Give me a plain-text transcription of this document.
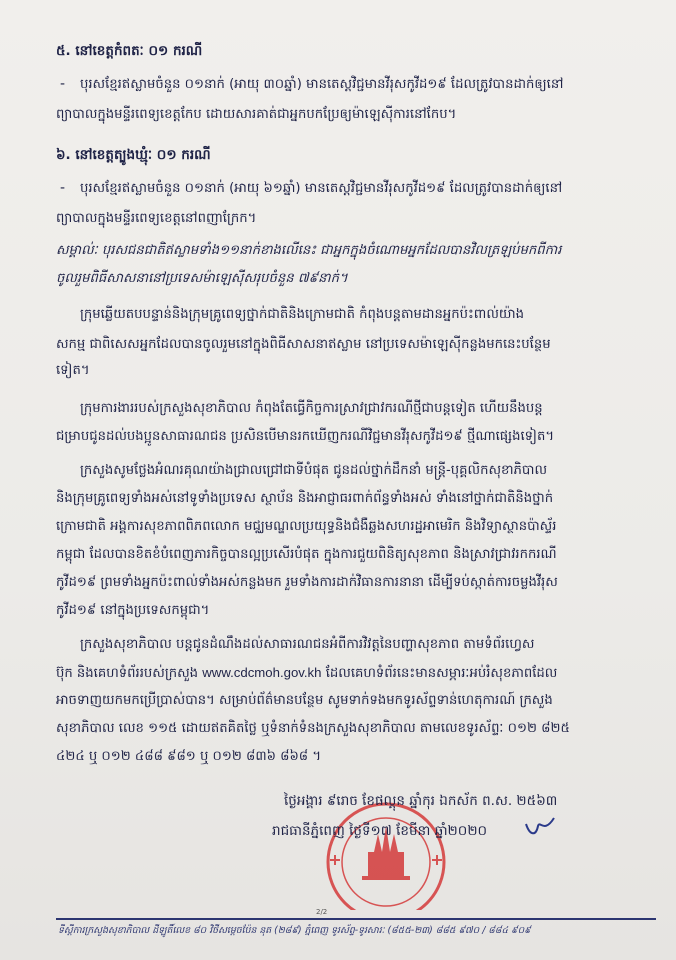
៥. នៅខេត្តកំពតៈ ០១ ករណី
- បុរសខ្មែរឥស្លាមចំនួន ០១នាក់ (អាយុ ៣០ឆ្នាំ) មានតេស្តវិជ្ជមានវីរុសកូវីដ១៩ ដែលត្រូវបានដាក់ឲ្យនៅ
ព្យាបាលក្នុងមន្ទីរពេទ្យខេត្តកែប ដោយសារគាត់ជាអ្នកបកប្រែឲ្យម៉ាឡេស៊ីការនៅកែប។
៦. នៅខេត្តត្បូងឃ្មុំៈ ០១ ករណី
- បុរសខ្មែរឥស្លាមចំនួន ០១នាក់ (អាយុ ៦១ឆ្នាំ) មានតេស្តវិជ្ជមានវីរុសកូវីដ១៩ ដែលត្រូវបានដាក់ឲ្យនៅ
ព្យាបាលក្នុងមន្ទីរពេទ្យខេត្តនៅពញាក្រែក។
សម្គាល់ៈ បុរសជនជាតិឥស្លាមទាំង១១នាក់ខាងលើនេះ ជាអ្នកក្នុងចំណោមអ្នកដែលបានវិលត្រឡប់មកពីការ
ចូលរួមពិធីសាសនានៅប្រទេសម៉ាឡេស៊ីសរុបចំនួន ៧៩នាក់។
ក្រុមឆ្លើយតបបន្ទាន់និងក្រុមគ្រូពេទ្យថ្នាក់ជាតិនិងក្រោមជាតិ កំពុងបន្តតាមដានអ្នកប៉ះពាល់យ៉ាង
សកម្ម ជាពិសេសអ្នកដែលបានចូលរួមនៅក្នុងពិធីសាសនាឥស្លាម នៅប្រទេសម៉ាឡេស៊ីកន្លងមកនេះបន្ថែម
ទៀត។
ក្រុមការងាររបស់ក្រសួងសុខាភិបាល កំពុងតែធ្វើកិច្ចការស្រាវជ្រាវករណីថ្មីជាបន្តទៀត ហើយនឹងបន្ត
ជម្រាបជូនដល់បងប្អូនសាធារណជន ប្រសិនបើមានរកឃើញករណីវិជ្ជមានវីរុសកូវីដ១៩ ថ្មីណាផ្សេងទៀត។
ក្រសួងសូមថ្លែងអំណរគុណយ៉ាងជ្រាលជ្រៅជាទីបំផុត ជូនដល់ថ្នាក់ដឹកនាំ មន្ត្រី-បុគ្គលិកសុខាភិបាល
និងក្រុមគ្រូពេទ្យទាំងអស់នៅទូទាំងប្រទេស ស្ថាប័ន និងអាជ្ញាធរពាក់ព័ន្ធទាំងអស់ ទាំងនៅថ្នាក់ជាតិនិងថ្នាក់
ក្រោមជាតិ អង្គការសុខភាពពិភពលោក មជ្ឈមណ្ឌលប្រយុទ្ធនិងជំងឺឆ្លងសហរដ្ឋអាមេរិក និងវិទ្យាស្ថានប៉ាស្ទ័រ
កម្ពុជា ដែលបានខិតខំបំពេញភារកិច្ចបានល្អប្រសើរបំផុត ក្នុងការជួយពិនិត្យសុខភាព និងស្រាវជ្រាវរកករណី
កូវីដ១៩ ព្រមទាំងអ្នកប៉ះពាល់ទាំងអស់កន្លងមក រួមទាំងការដាក់វិធានការនានា ដើម្បីទប់ស្កាត់ការចម្លងវីរុស
កូវីដ១៩ នៅក្នុងប្រទេសកម្ពុជា។
ក្រសួងសុខាភិបាល បន្តជូនដំណឹងដល់សាធារណជនអំពីការវិវត្តនៃបញ្ហាសុខភាព តាមទំព័រហ្វេស
ប៊ុក និងគេហទំព័ររបស់ក្រសួង www.cdcmoh.gov.kh ដែលគេហទំព័រនេះមានសម្ភារៈអប់រំសុខភាពដែល
អាចទាញយកមកប្រើប្រាស់បាន។ សម្រាប់ព័ត៌មានបន្ថែម សូមទាក់ទងមកទូរស័ព្ទទាន់ហេតុការណ៍ ក្រសួង
សុខាភិបាល លេខ ១១៥ ដោយឥតគិតថ្លៃ ឬទំនាក់ទំនងក្រសួងសុខាភិបាល តាមលេខទូរស័ព្ទៈ ០១២ ៨២៥
៤២៤ ឬ ០១២ ៤៨៨ ៩៨១ ឬ ០១២ ៨៣៦ ៨៦៨ ។
ថ្ងៃអង្គារ ៩រោច ខែផល្គុន ឆ្នាំកុរ ឯកស័ក ព.ស. ២៥៦៣
រាជធានីភ្នំពេញ ថ្ងៃទី១៧ ខែមីនា ឆ្នាំ២០២០
2/2
ទីស្តីការក្រសួងសុខាភិបាល ដីឡូតិ៍លេខ ៨០ វិថីសម្តេចប៉ែន នុត (២៨៩) ភ្នំពេញ ទូរស័ព្ទ-ទូរសារៈ (៨៥៥-២៣) ៨៨៥ ៩៧០ / ៨៨៤ ៩០៩
